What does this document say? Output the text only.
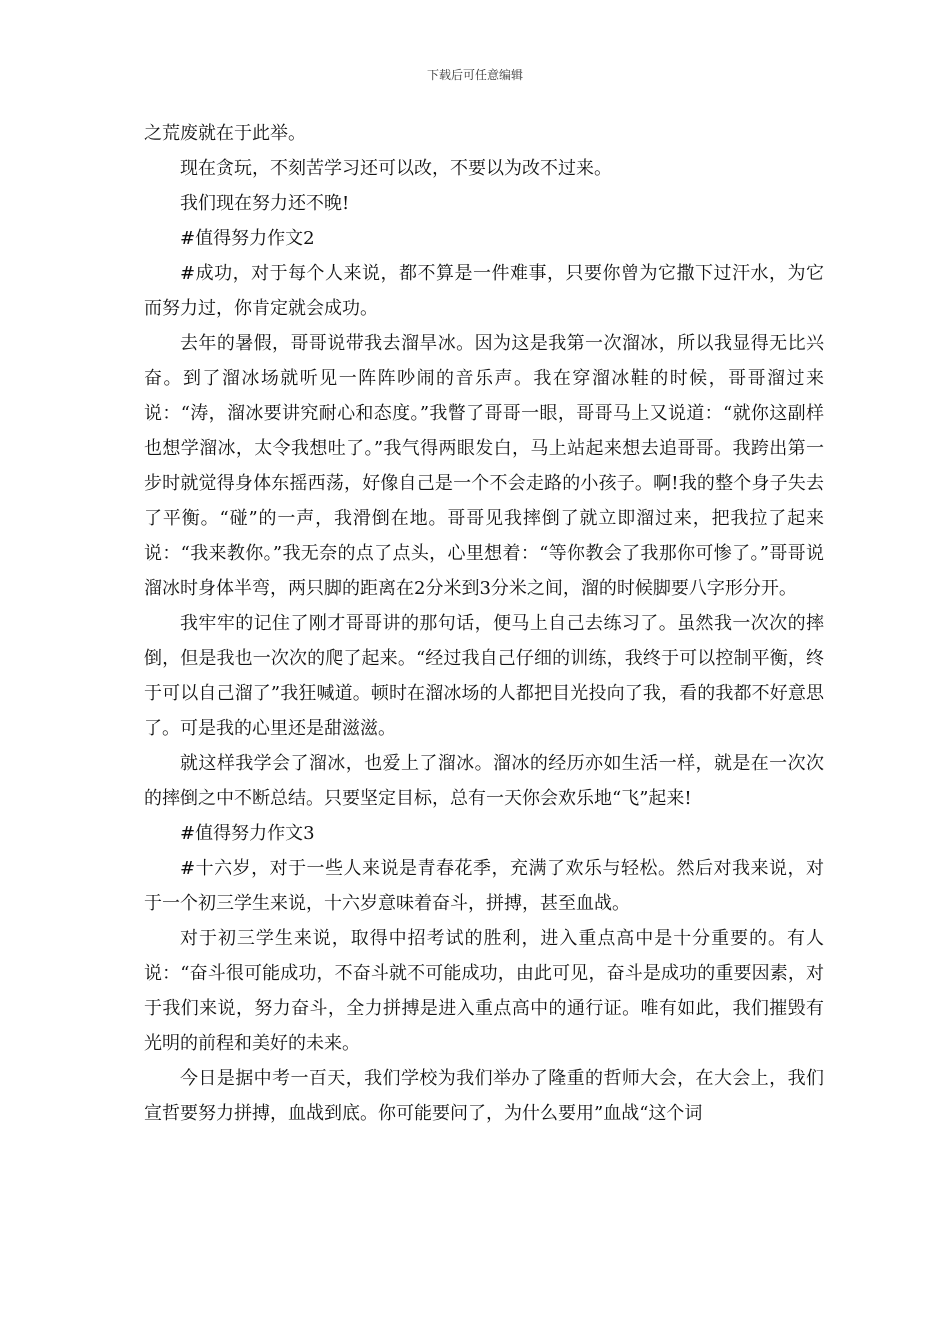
下载后可任意编辑

之荒废就在于此举。

现在贪玩，不刻苦学习还可以改，不要以为改不过来。

我们现在努力还不晚!

#值得努力作文2

#成功，对于每个人来说，都不算是一件难事，只要你曾为它撒下过汗水，为它而努力过，你肯定就会成功。

去年的暑假，哥哥说带我去溜旱冰。因为这是我第一次溜冰，所以我显得无比兴奋。到了溜冰场就听见一阵阵吵闹的音乐声。我在穿溜冰鞋的时候，哥哥溜过来说：“涛，溜冰要讲究耐心和态度。”我瞥了哥哥一眼，哥哥马上又说道：“就你这副样也想学溜冰，太令我想吐了。”我气得两眼发白，马上站起来想去追哥哥。我跨出第一步时就觉得身体东摇西荡，好像自己是一个不会走路的小孩子。啊!我的整个身子失去了平衡。“碰”的一声，我滑倒在地。哥哥见我摔倒了就立即溜过来，把我拉了起来说：“我来教你。”我无奈的点了点头，心里想着：“等你教会了我那你可惨了。”哥哥说溜冰时身体半弯，两只脚的距离在2分米到3分米之间，溜的时候脚要八字形分开。

我牢牢的记住了刚才哥哥讲的那句话，便马上自己去练习了。虽然我一次次的摔倒，但是我也一次次的爬了起来。“经过我自己仔细的训练，我终于可以控制平衡，终于可以自己溜了”我狂喊道。顿时在溜冰场的人都把目光投向了我，看的我都不好意思了。可是我的心里还是甜滋滋。

就这样我学会了溜冰，也爱上了溜冰。溜冰的经历亦如生活一样，就是在一次次的摔倒之中不断总结。只要坚定目标，总有一天你会欢乐地“飞”起来!

#值得努力作文3

#十六岁，对于一些人来说是青春花季，充满了欢乐与轻松。然后对我来说，对于一个初三学生来说，十六岁意味着奋斗，拼搏，甚至血战。

对于初三学生来说，取得中招考试的胜利，进入重点高中是十分重要的。有人说：“奋斗很可能成功，不奋斗就不可能成功，由此可见，奋斗是成功的重要因素，对于我们来说，努力奋斗，全力拼搏是进入重点高中的通行证。唯有如此，我们摧毁有光明的前程和美好的未来。

今日是据中考一百天，我们学校为我们举办了隆重的哲师大会，在大会上，我们宣哲要努力拼搏，血战到底。你可能要问了，为什么要用”血战“这个词
